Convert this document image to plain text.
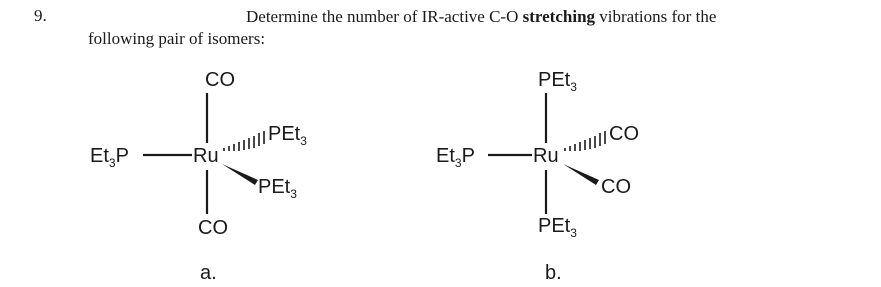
9.	Determine the number of IR-active C-O stretching vibrations for the
following pair of isomers:
CO
$Et_3P$	Ru
PEt$_3$
PEt$_3$
CO
a.
PEt$_3$
$Et_3P$	Ru
CO
CO
PEt$_3$
b.
